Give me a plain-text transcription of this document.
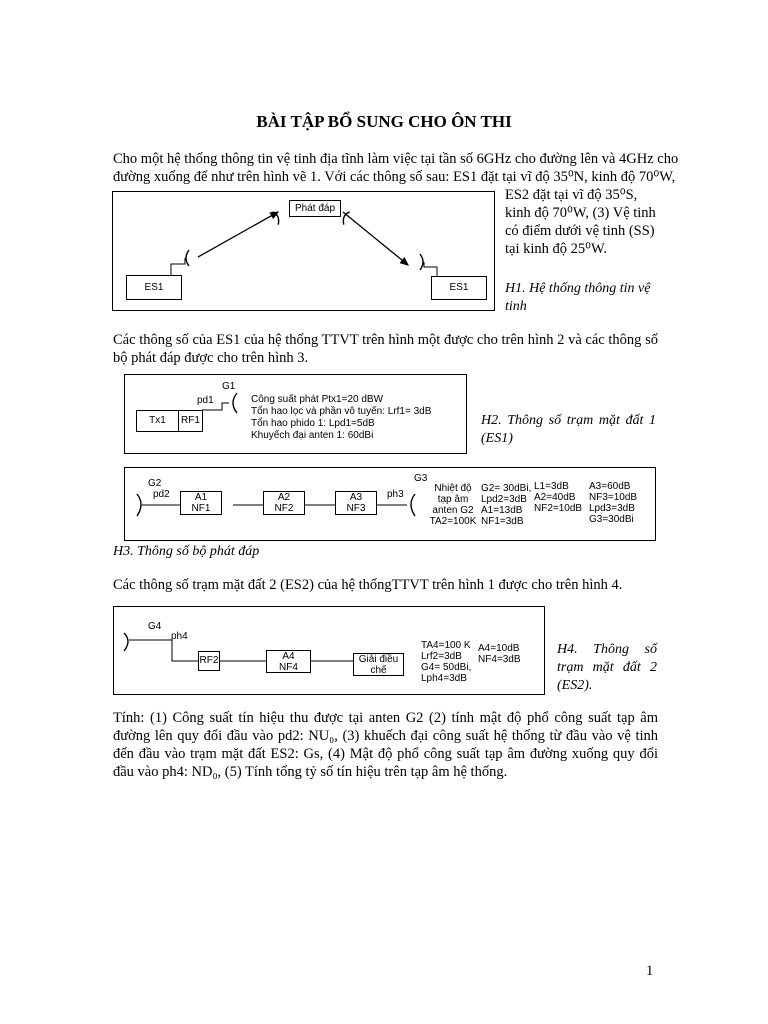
BÀI TẬP BỔ SUNG CHO ÔN THI
Cho một hệ thống thông tin vệ tinh địa tĩnh làm việc tại tần số 6GHz cho đường lên và 4GHz cho
đường xuống để như trên hình vẽ 1. Với các thông số sau: ES1 đặt tại vĩ độ 35⁰N, kinh độ 70⁰W,
ES2 đặt tại vĩ độ 35⁰S,
kinh độ 70⁰W, (3) Vệ tinh
có điểm dưới vệ tinh (SS)
tại kinh độ 25⁰W.
Phát đáp
ES1	ES1	H1. Hệ thống thông tin vệ tinh
Các thông số của ES1 của hệ thống TTVT trên hình một được cho trên hình 2 và các thông số bộ phát đáp được cho trên hình 3.
G1
pd1
Tx1	RF1
Công suất phát Ptx1=20 dBW
Tổn hao lọc và phần vô tuyến: Lrf1= 3dB
Tổn hao phido 1: Lpd1=5dB
Khuyếch đại anten 1: 60dBi
H2. Thông số trạm mặt đất 1 (ES1)
G2
pd2	A1
NF1
A2
NF2
A3
NF3
ph3
G3
Nhiệt độ
tạp âm
anten G2
TA2=100K
G2= 30dBi,
Lpd2=3dB
A1=13dB
NF1=3dB
L1=3dB
A2=40dB
NF2=10dB
A3=60dB
NF3=10dB
Lpd3=3dB
G3=30dBi
H3. Thông số bộ phát đáp
Các thông số trạm mặt đất 2 (ES2) của hệ thốngTTVT trên hình 1 được cho trên hình 4.
G4
ph4
RF2	A4
NF4
Giải điều
chế
TA4=100 K
Lrf2=3dB
G4= 50dBi,
Lph4=3dB
A4=10dB
NF4=3dB
H4. Thông số trạm mặt đất 2 (ES2).
Tính: (1) Công suất tín hiệu thu được tại anten G2 (2) tính mật độ phổ công suất tạp âm đường lên quy đổi đầu vào pd2: NU₀, (3) khuếch đại công suất hệ thống từ đầu vào vệ tinh đến đầu vào trạm mặt đất ES2: Gs, (4) Mật độ phổ công suất tạp âm đường xuống quy đổi đầu vào ph4: ND₀, (5) Tính tổng tỷ số tín hiệu trên tạp âm hệ thống.
1
